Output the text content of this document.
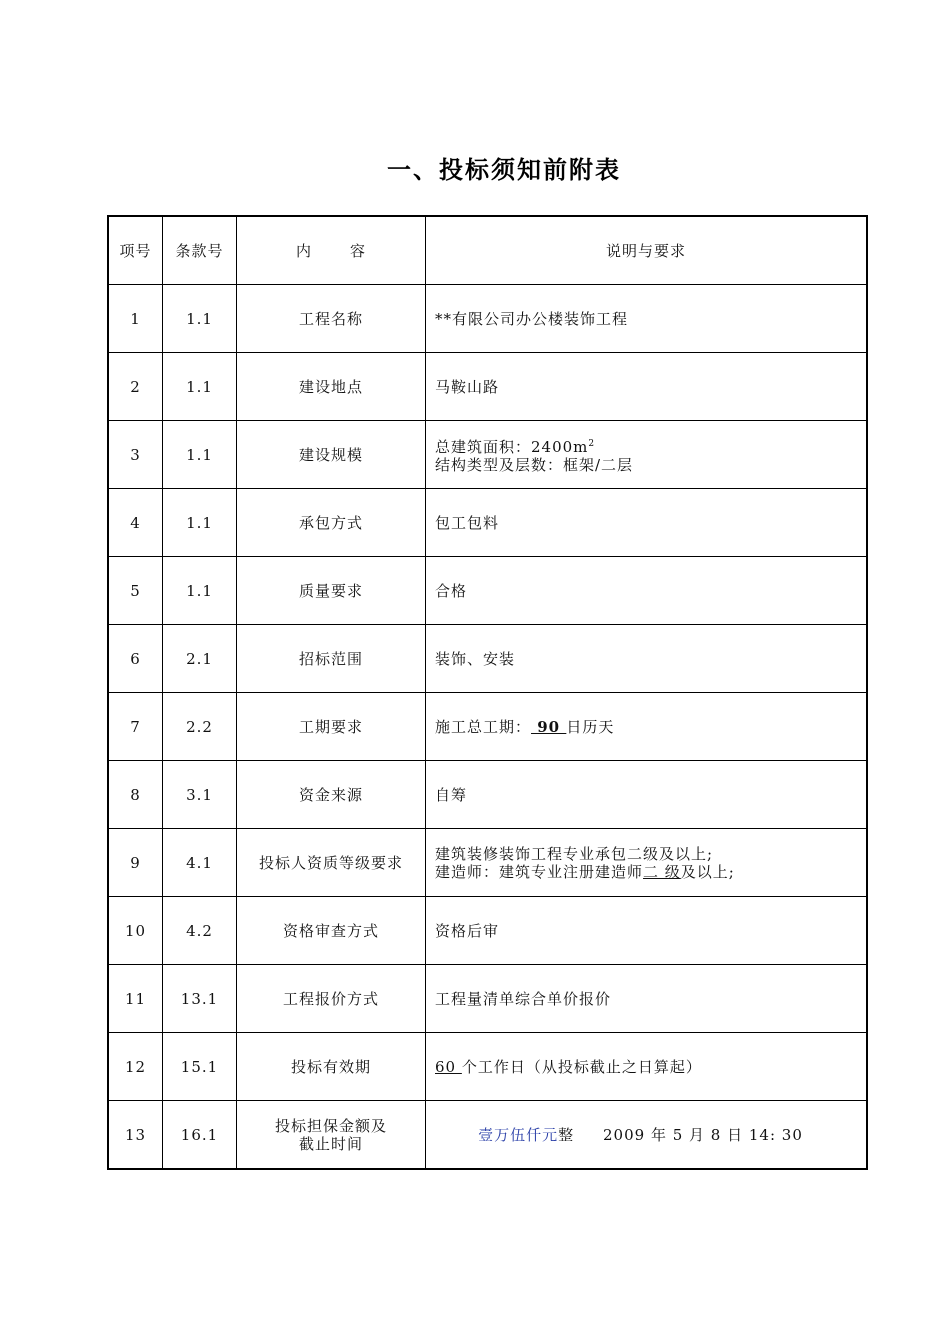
一、投标须知前附表
项号	条款号	内 容	说明与要求
1	1.1	工程名称	**有限公司办公楼装饰工程
2	1.1	建设地点	马鞍山路
3	1.1	建设规模	总建筑面积：$2400m^2$
结构类型及层数：框架/二层
4	1.1	承包方式	包工包料
5	1.1	质量要求	合格
6	2.1	招标范围	装饰、安装
7	2.2	工期要求	施工总工期： 90 日历天
8	3.1	资金来源	自筹
9	4.1	投标人资质等级要求	建筑装修装饰工程专业承包二级及以上;
建造师：建筑专业注册建造师二 级及以上;
10	4.2	资格审查方式	资格后审
11	13.1	工程报价方式	工程量清单综合单价报价
12	15.1	投标有效期	60 个工作日（从投标截止之日算起）
13	16.1	投标担保金额及
截止时间	壹万伍仟元整 2009 年 5 月 8 日 14: 30
